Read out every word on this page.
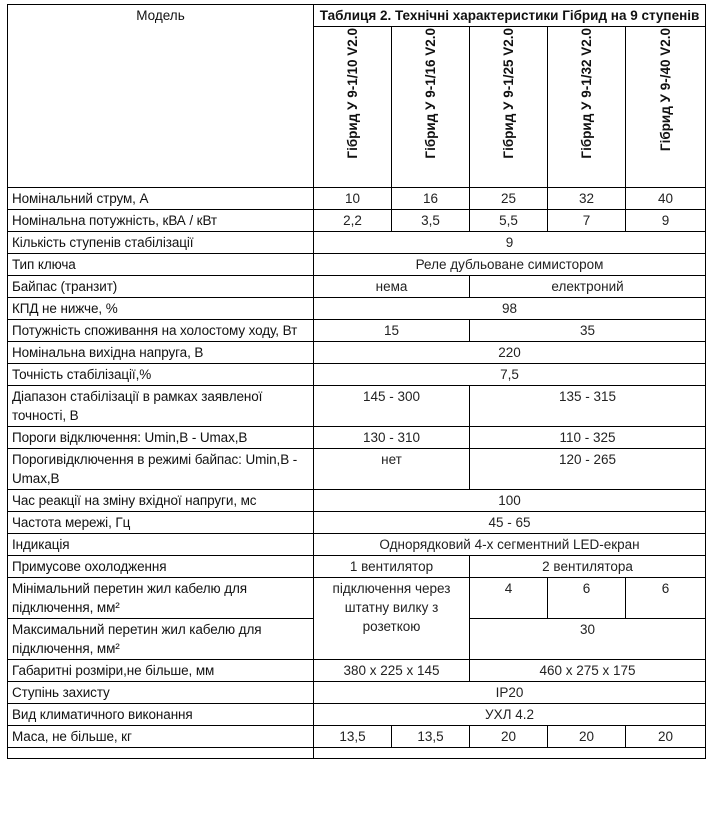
Модель	Таблиця 2. Технічні характеристики Гібрид на 9 ступенів				
	Гібрид У 9-1/10 V2.0	Гібрид У 9-1/16 V2.0	Гібрид У 9-1/25 V2.0	Гібрид У 9-1/32 V2.0	Гібрид У 9-/40 V2.0
Номінальний струм, А	10	16	25	32	40
Номінальна потужність, кВА / кВт	2,2	3,5	5,5	7	9
Кількість ступенів стабілізації	9				
Тип ключа	Реле дубльоване симистором				
Байпас (транзит)	нема		електроний		
КПД не нижче, %	98				
Потужність споживання на холостому ходу, Вт	15		35		
Номінальна вихідна напруга, В	220				
Точність стабілізації,%	7,5				
Діапазон стабілізації в рамках заявленої точності, В	145 - 300		135 - 315		
Пороги відключення: Umin,В - Umax,В	130 - 310		110 - 325		
Порогивідключення в режимі байпас: Umin,В - Umax,В	нет		120 - 265		
Час реакції на зміну вхідної напруги, мс	100				
Частота мережі, Гц	45 - 65				
Індикація	Однорядковий 4-х сегментний LED-екран				
Примусове охолодження	1 вентилятор		2 вентилятора		
Мінімальний перетин жил кабелю для підключення, мм²	підключення через штатну вилку з розеткою		4	6	6
Максимальний перетин жил кабелю для підключення, мм²			30		
Габаритні розміри,не більше, мм	380 х 225 х 145		460 х 275 х 175		
Ступінь захисту	IP20				
Вид климатичного виконання	УХЛ 4.2				
Маса, не більше, кг	13,5	13,5	20	20	20
